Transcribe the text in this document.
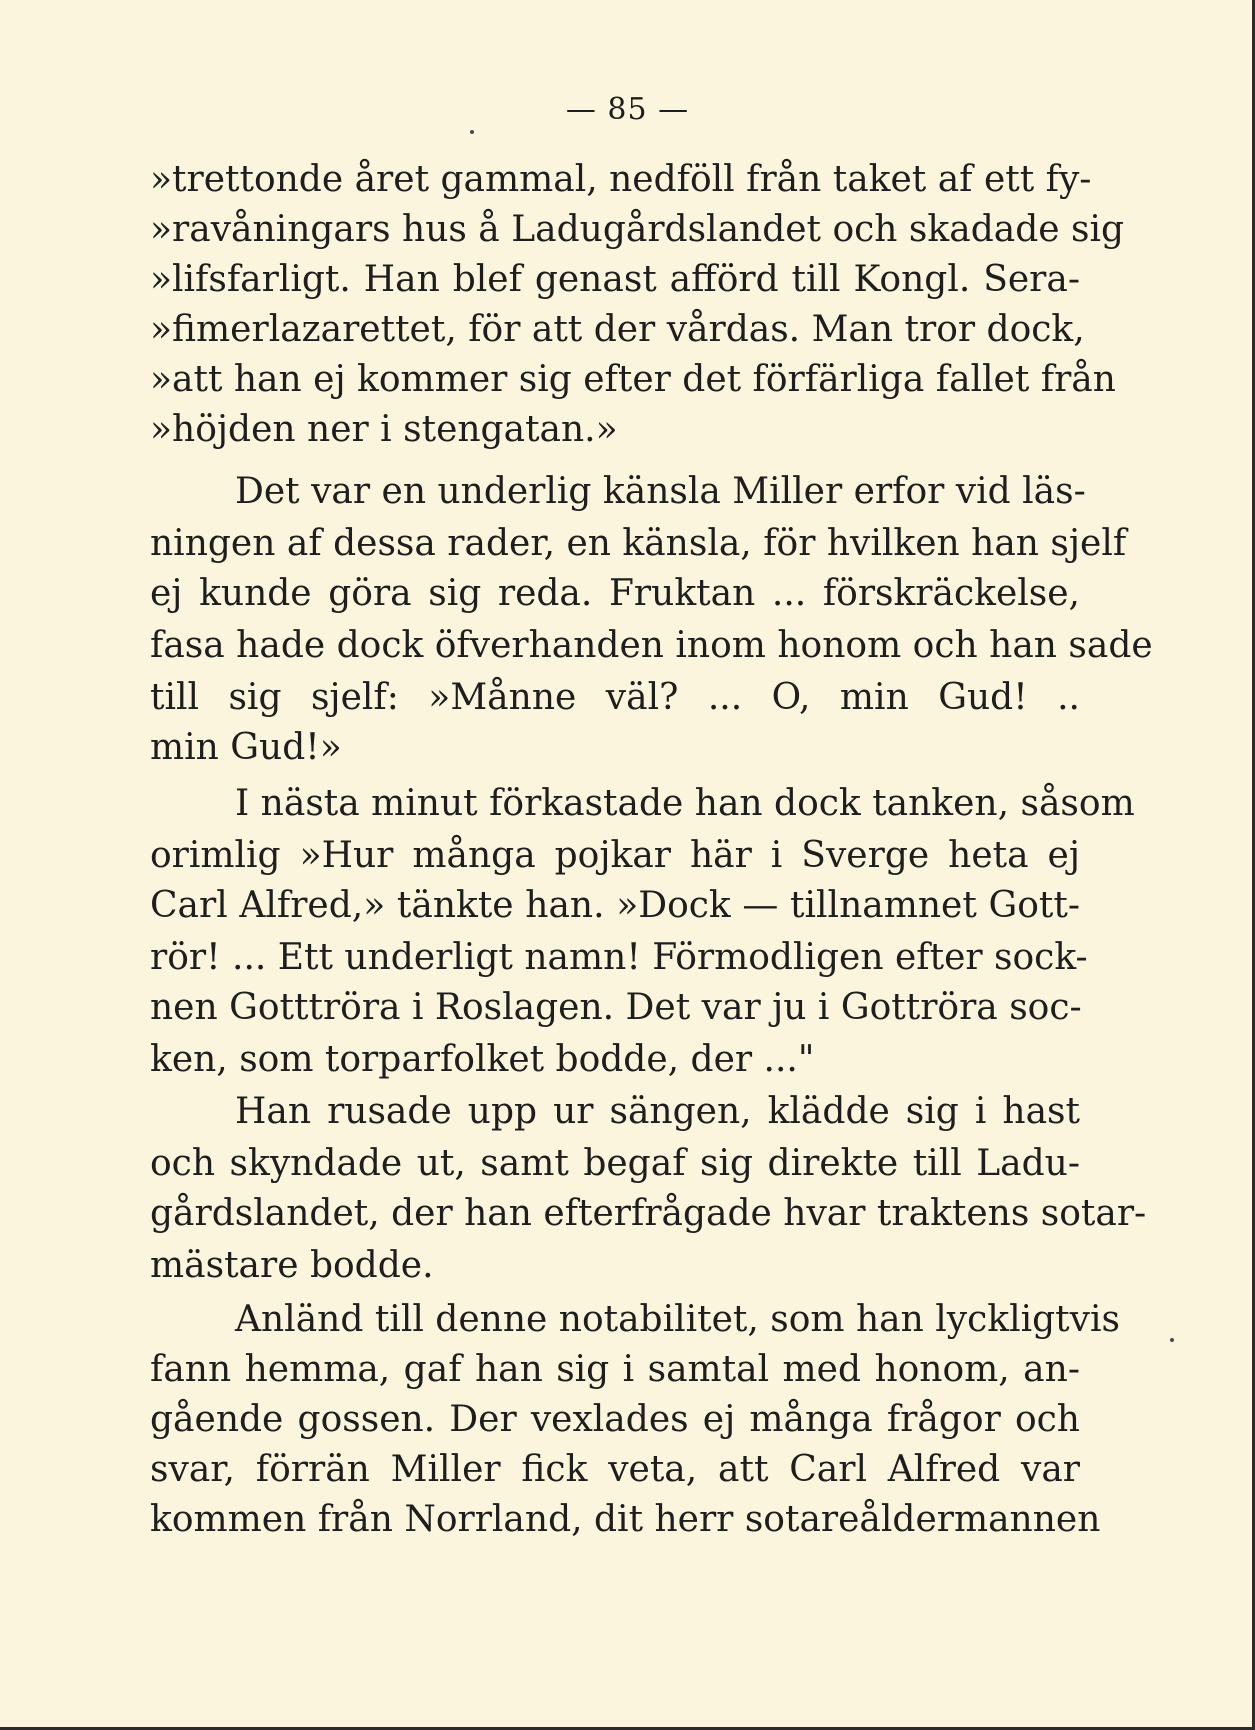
— 85 —
»trettonde året gammal, nedföll från taket af ett fy-
»ravåningars hus å Ladugårdslandet och skadade sig
»lifsfarligt. Han blef genast afförd till Kongl. Sera-
»fimerlazarettet, för att der vårdas. Man tror dock,
»att han ej kommer sig efter det förfärliga fallet från
»höjden ner i stengatan.»
Det var en underlig känsla Miller erfor vid läs-
ningen af dessa rader, en känsla, för hvilken han sjelf
ej kunde göra sig reda. Fruktan ... förskräckelse,
fasa hade dock öfverhanden inom honom och han sade
till sig sjelf: »Månne väl? ... O, min Gud! ..
min Gud!»
I nästa minut förkastade han dock tanken, såsom
orimlig »Hur många pojkar här i Sverge heta ej
Carl Alfred,» tänkte han. »Dock — tillnamnet Gott-
rör! ... Ett underligt namn! Förmodligen efter sock-
nen Gotttröra i Roslagen. Det var ju i Gottröra soc-
ken, som torparfolket bodde, der ..."
Han rusade upp ur sängen, klädde sig i hast
och skyndade ut, samt begaf sig direkte till Ladu-
gårdslandet, der han efterfrågade hvar traktens sotar-
mästare bodde.
Anländ till denne notabilitet, som han lyckligtvis
fann hemma, gaf han sig i samtal med honom, an-
gående gossen. Der vexlades ej många frågor och
svar, förrän Miller fick veta, att Carl Alfred var
kommen från Norrland, dit herr sotareåldermannen
